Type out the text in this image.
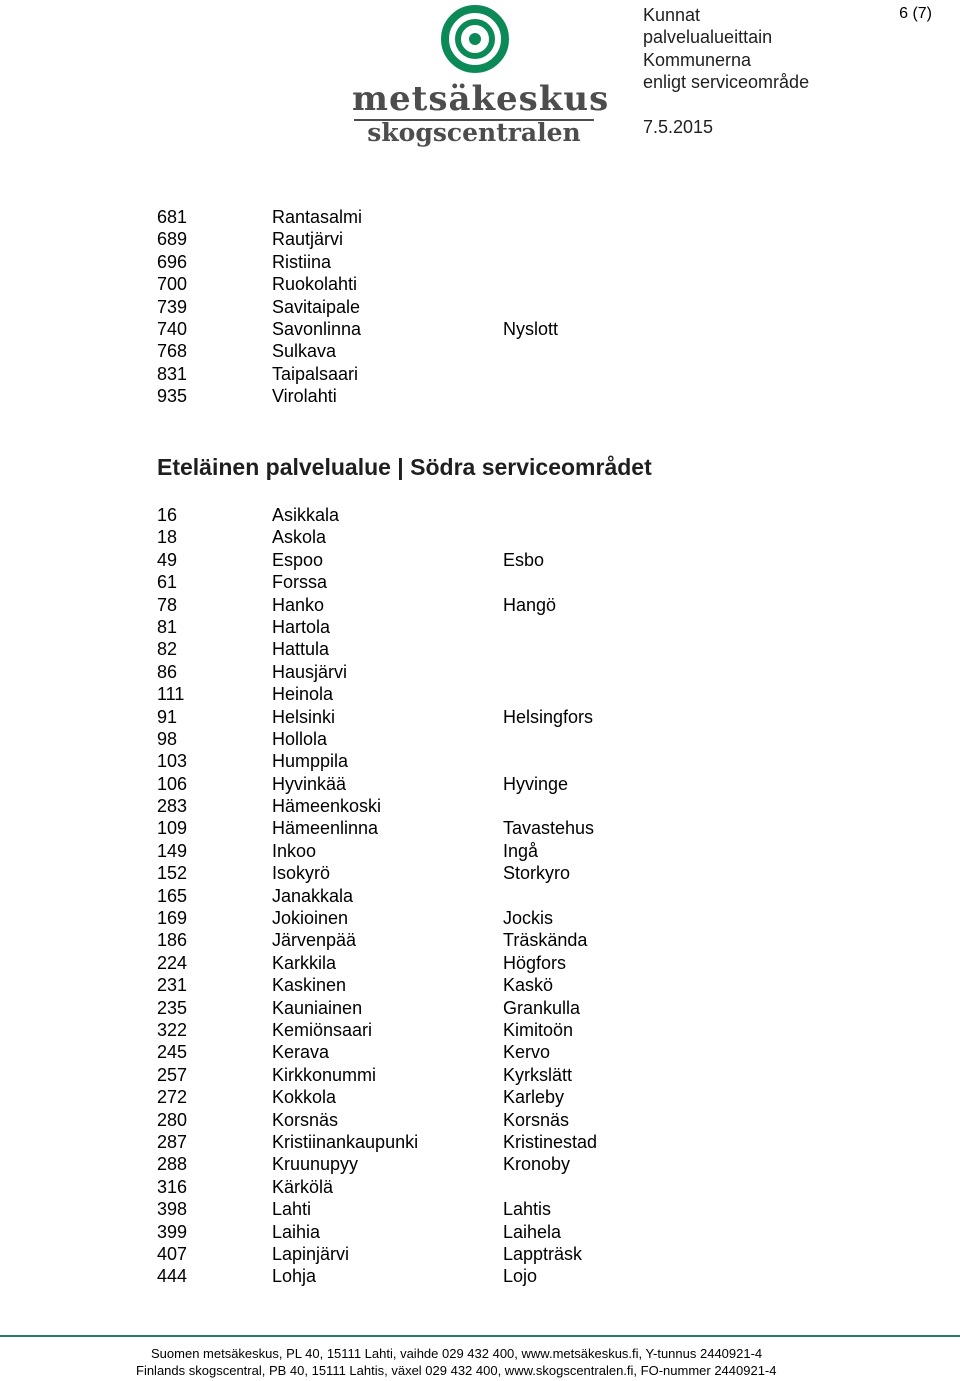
metsäkeskus
skogscentralen
Kunnat
palvelualueittain
Kommunerna
enligt serviceområde
7.5.2015
6 (7)
681	Rantasalmi
689	Rautjärvi
696	Ristiina
700	Ruokolahti
739	Savitaipale
740	Savonlinna	Nyslott
768	Sulkava
831	Taipalsaari
935	Virolahti
Eteläinen palvelualue | Södra serviceområdet
16	Asikkala
18	Askola
49	Espoo	Esbo
61	Forssa
78	Hanko	Hangö
81	Hartola
82	Hattula
86	Hausjärvi
111	Heinola
91	Helsinki	Helsingfors
98	Hollola
103	Humppila
106	Hyvinkää	Hyvinge
283	Hämeenkoski
109	Hämeenlinna	Tavastehus
149	Inkoo	Ingå
152	Isokyrö	Storkyro
165	Janakkala
169	Jokioinen	Jockis
186	Järvenpää	Träskända
224	Karkkila	Högfors
231	Kaskinen	Kaskö
235	Kauniainen	Grankulla
322	Kemiönsaari	Kimitoön
245	Kerava	Kervo
257	Kirkkonummi	Kyrkslätt
272	Kokkola	Karleby
280	Korsnäs	Korsnäs
287	Kristiinankaupunki	Kristinestad
288	Kruunupyy	Kronoby
316	Kärkölä
398	Lahti	Lahtis
399	Laihia	Laihela
407	Lapinjärvi	Lappträsk
444	Lohja	Lojo
Suomen metsäkeskus, PL 40, 15111 Lahti, vaihde 029 432 400, www.metsäkeskus.fi, Y-tunnus 2440921-4
Finlands skogscentral, PB 40, 15111 Lahtis, växel 029 432 400, www.skogscentralen.fi, FO-nummer 2440921-4
